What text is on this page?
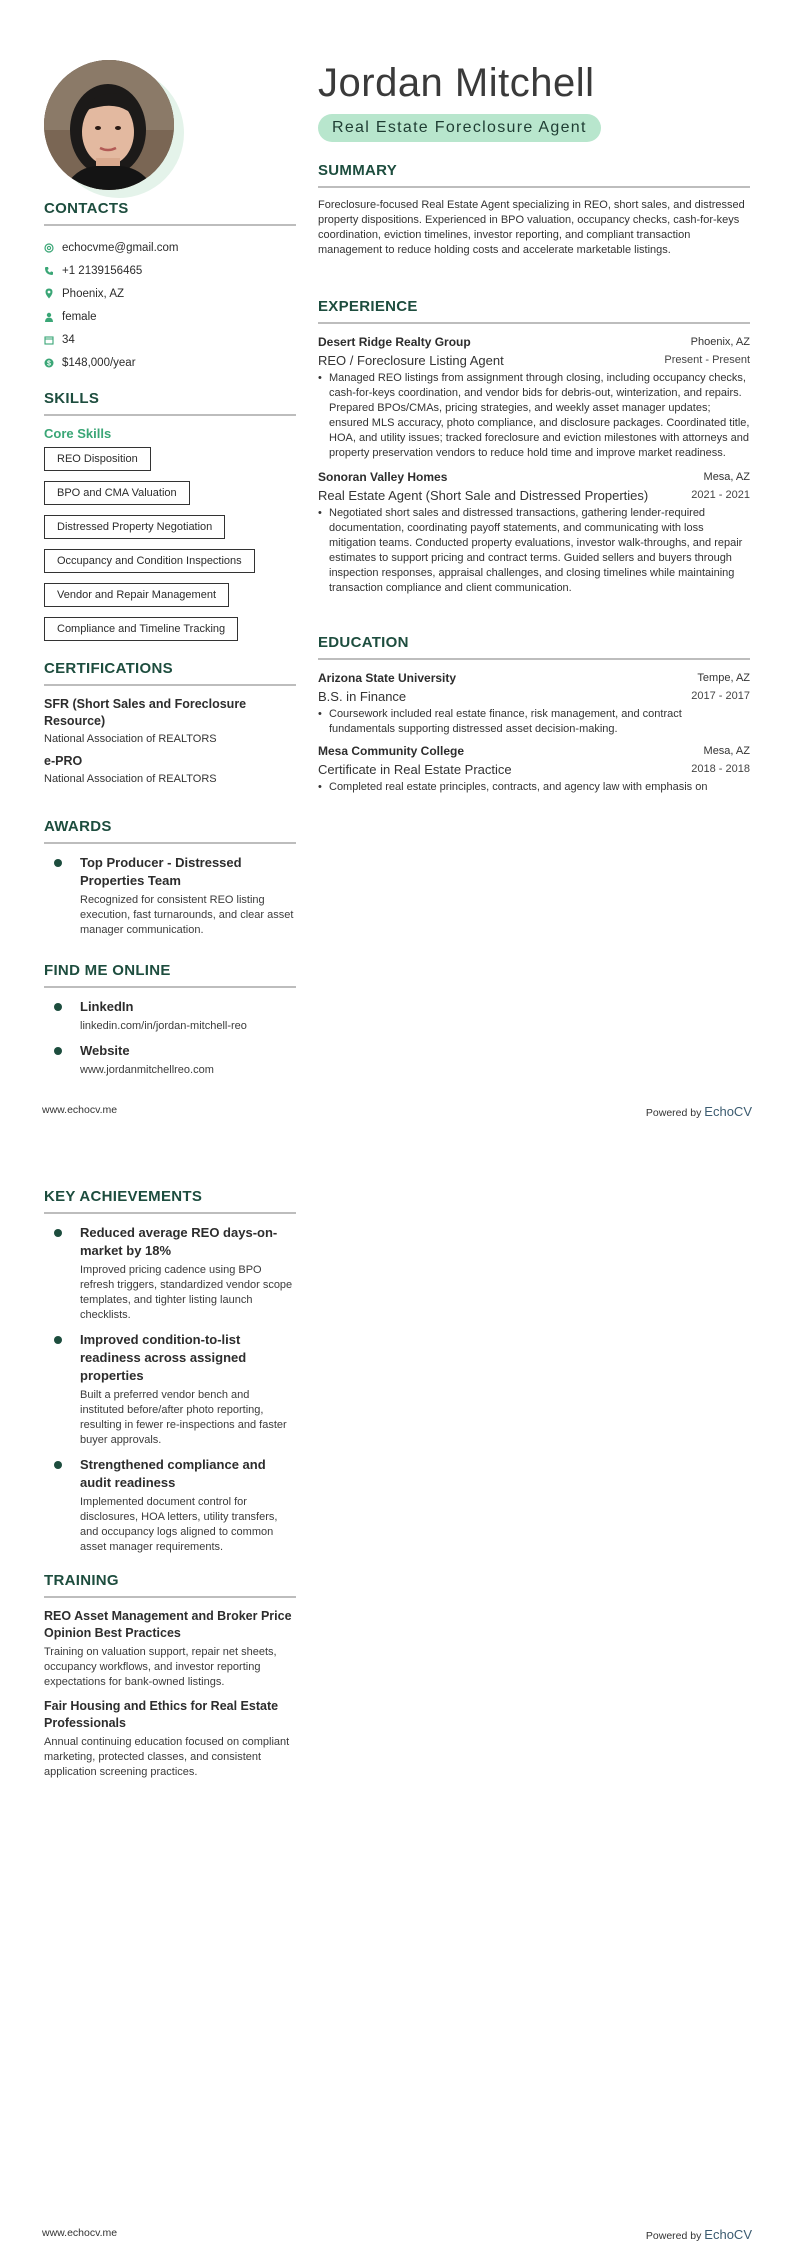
Jordan Mitchell
Real Estate Foreclosure Agent
CONTACTS
echocvme@gmail.com
+1 2139156465
Phoenix, AZ
female
34
$ $148,000/year
SKILLS
Core Skills
REO Disposition
BPO and CMA Valuation
Distressed Property Negotiation
Occupancy and Condition Inspections
Vendor and Repair Management
Compliance and Timeline Tracking
CERTIFICATIONS
SFR (Short Sales and Foreclosure Resource)
National Association of REALTORS
e-PRO
National Association of REALTORS
AWARDS
Top Producer - Distressed Properties Team
Recognized for consistent REO listing execution, fast turnarounds, and clear asset manager communication.
FIND ME ONLINE
LinkedIn
linkedin.com/in/jordan-mitchell-reo
Website
www.jordanmitchellreo.com
SUMMARY
Foreclosure-focused Real Estate Agent specializing in REO, short sales, and distressed property dispositions. Experienced in BPO valuation, occupancy checks, cash-for-keys coordination, eviction timelines, investor reporting, and compliant transaction management to reduce holding costs and accelerate marketable listings.
EXPERIENCE
Desert Ridge Realty Group	Phoenix, AZ
REO / Foreclosure Listing Agent	Present - Present
• Managed REO listings from assignment through closing, including occupancy checks, cash-for-keys coordination, and vendor bids for debris-out, winterization, and repairs. Prepared BPOs/CMAs, pricing strategies, and weekly asset manager updates; ensured MLS accuracy, photo compliance, and disclosure packages. Coordinated title, HOA, and utility issues; tracked foreclosure and eviction milestones with attorneys and property preservation vendors to reduce hold time and improve market readiness.
Sonoran Valley Homes	Mesa, AZ
Real Estate Agent (Short Sale and Distressed Properties)	2021 - 2021
• Negotiated short sales and distressed transactions, gathering lender-required documentation, coordinating payoff statements, and communicating with loss mitigation teams. Conducted property evaluations, investor walk-throughs, and repair estimates to support pricing and contract terms. Guided sellers and buyers through inspection responses, appraisal challenges, and closing timelines while maintaining transaction compliance and client communication.
EDUCATION
Arizona State University	Tempe, AZ
B.S. in Finance	2017 - 2017
• Coursework included real estate finance, risk management, and contract fundamentals supporting distressed asset decision-making.
Mesa Community College	Mesa, AZ
Certificate in Real Estate Practice	2018 - 2018
• Completed real estate principles, contracts, and agency law with emphasis on
www.echocv.me	Powered by EchoCV
KEY ACHIEVEMENTS
Reduced average REO days-on-market by 18%
Improved pricing cadence using BPO refresh triggers, standardized vendor scope templates, and tighter listing launch checklists.
Improved condition-to-list readiness across assigned properties
Built a preferred vendor bench and instituted before/after photo reporting, resulting in fewer re-inspections and faster buyer approvals.
Strengthened compliance and audit readiness
Implemented document control for disclosures, HOA letters, utility transfers, and occupancy logs aligned to common asset manager requirements.
TRAINING
REO Asset Management and Broker Price Opinion Best Practices
Training on valuation support, repair net sheets, occupancy workflows, and investor reporting expectations for bank-owned listings.
Fair Housing and Ethics for Real Estate Professionals
Annual continuing education focused on compliant marketing, protected classes, and consistent application screening practices.
www.echocv.me	Powered by EchoCV
